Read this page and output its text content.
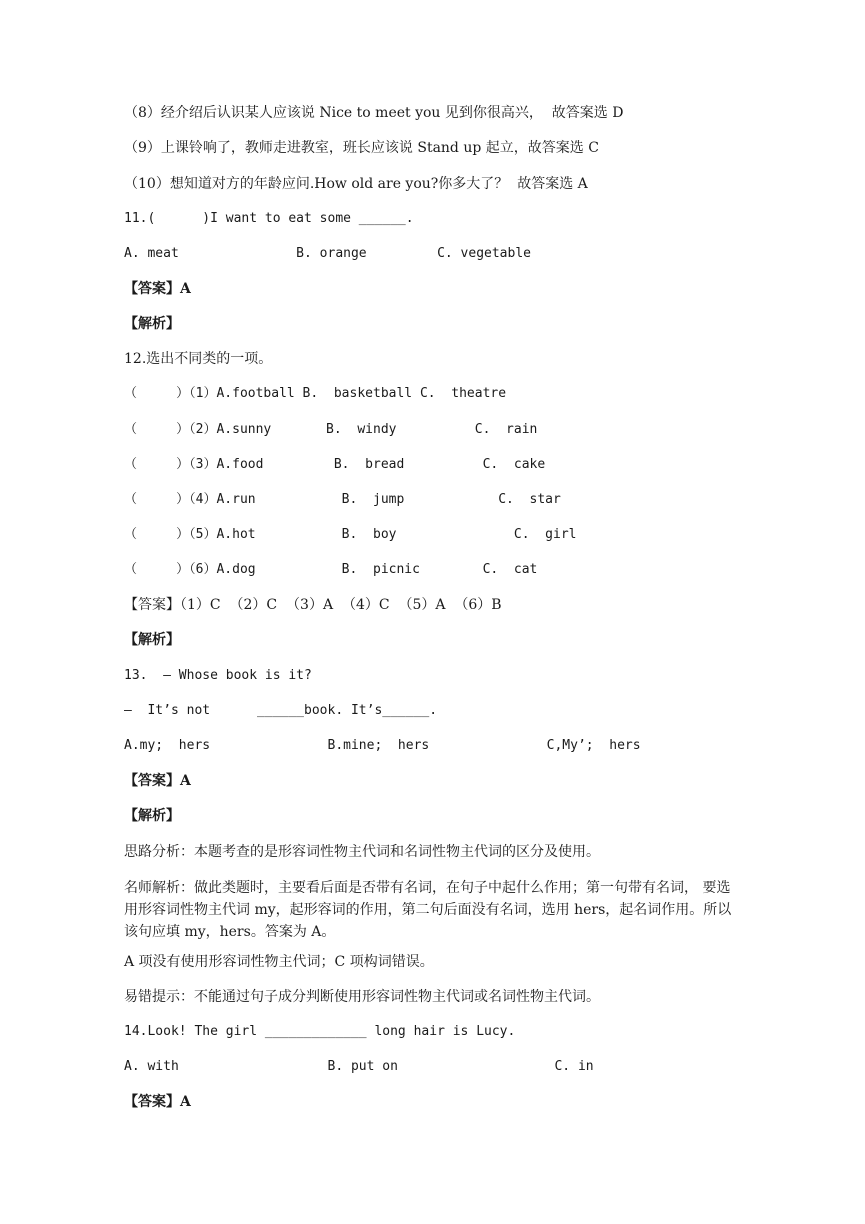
（8）经介绍后认识某人应该说 Nice to meet you 见到你很高兴，  故答案选 D
（9）上课铃响了，教师走进教室，班长应该说 Stand up 起立，故答案选 C
（10）想知道对方的年龄应问.How old are you?你多大了？  故答案选 A
11.(      )I want to eat some ______.
A. meat               B. orange         C. vegetable
【答案】A
【解析】
12.选出不同类的一项。
（     ）（1）A.football B.  basketball C.  theatre
（     ）（2）A.sunny       B.  windy          C.  rain
（     ）（3）A.food         B.  bread          C.  cake
（     ）（4）A.run           B.  jump            C.  star
（     ）（5）A.hot           B.  boy               C.  girl
（     ）（6）A.dog           B.  picnic        C.  cat
【答案】（1）C  （2）C  （3）A  （4）C  （5）A  （6）B
【解析】
13.  — Whose book is it?
–  It’s not      ______book. It’s______.
A.my;  hers               B.mine;  hers               C,My’;  hers
【答案】A
【解析】
思路分析：本题考查的是形容词性物主代词和名词性物主代词的区分及使用。
名师解析：做此类题时，主要看后面是否带有名词，在句子中起什么作用；第一句带有名词， 要选用形容词性物主代词 my，起形容词的作用，第二句后面没有名词，选用 hers，起名词作用。所以该句应填 my，hers。答案为 A。
A 项没有使用形容词性物主代词；C 项构词错误。
易错提示：不能通过句子成分判断使用形容词性物主代词或名词性物主代词。
14.Look! The girl _____________ long hair is Lucy.
A. with                   B. put on                    C. in
【答案】A
